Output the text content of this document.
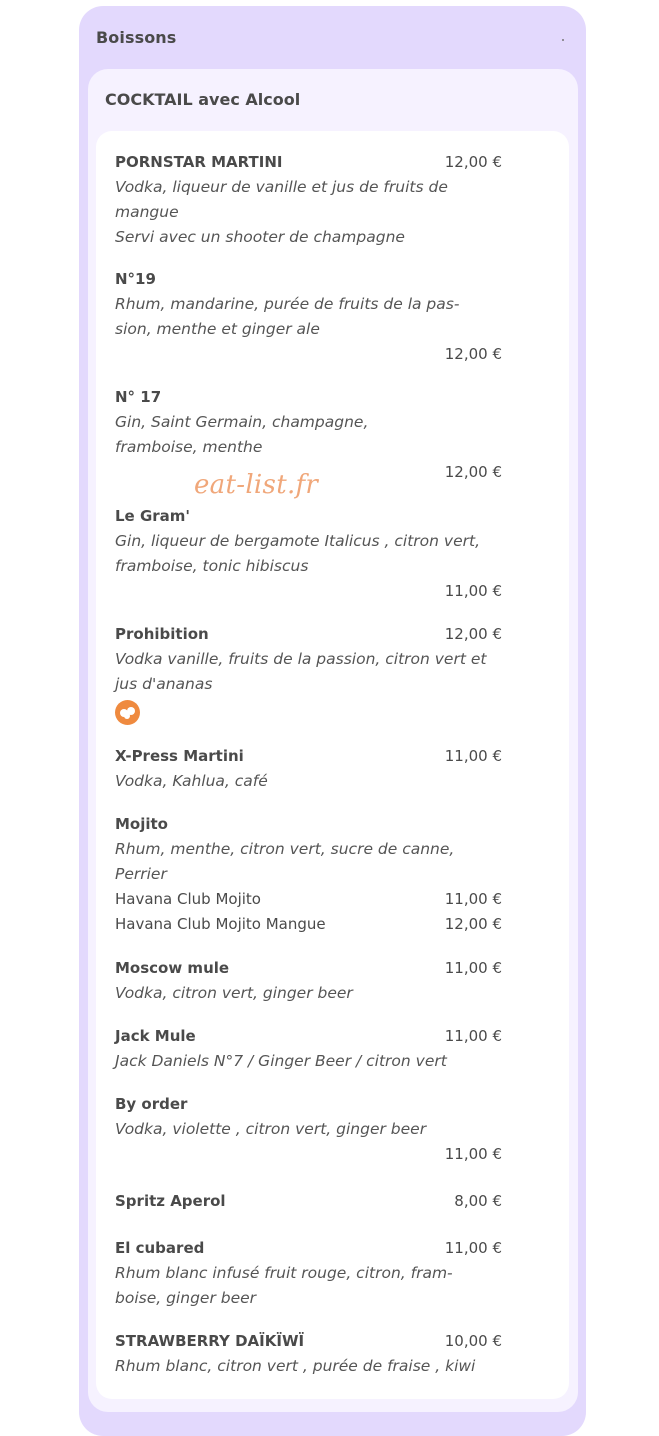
Boissons
COCKTAIL avec Alcool
PORNSTAR MARTINI	12,00 €
Vodka, liqueur de vanille et jus de fruits de
mangue
Servi avec un shooter de champagne
N°19
Rhum, mandarine, purée de fruits de la pas-
sion, menthe et ginger ale
12,00 €
N° 17
Gin, Saint Germain, champagne,
framboise, menthe
12,00 €
Le Gram'
Gin, liqueur de bergamote Italicus , citron vert,
framboise, tonic hibiscus
11,00 €
Prohibition	12,00 €
Vodka vanille, fruits de la passion, citron vert et
jus d'ananas
X-Press Martini	11,00 €
Vodka, Kahlua, café
Mojito
Rhum, menthe, citron vert, sucre de canne,
Perrier
Havana Club Mojito	11,00 €
Havana Club Mojito Mangue	12,00 €
Moscow mule	11,00 €
Vodka, citron vert, ginger beer
Jack Mule	11,00 €
Jack Daniels N°7 / Ginger Beer / citron vert
By order
Vodka, violette , citron vert, ginger beer
11,00 €
Spritz Aperol	8,00 €
El cubared	11,00 €
Rhum blanc infusé fruit rouge, citron, fram-
boise, ginger beer
STRAWBERRY DAÏKÏWÏ	10,00 €
Rhum blanc, citron vert , purée de fraise , kiwi
eat-list.fr
